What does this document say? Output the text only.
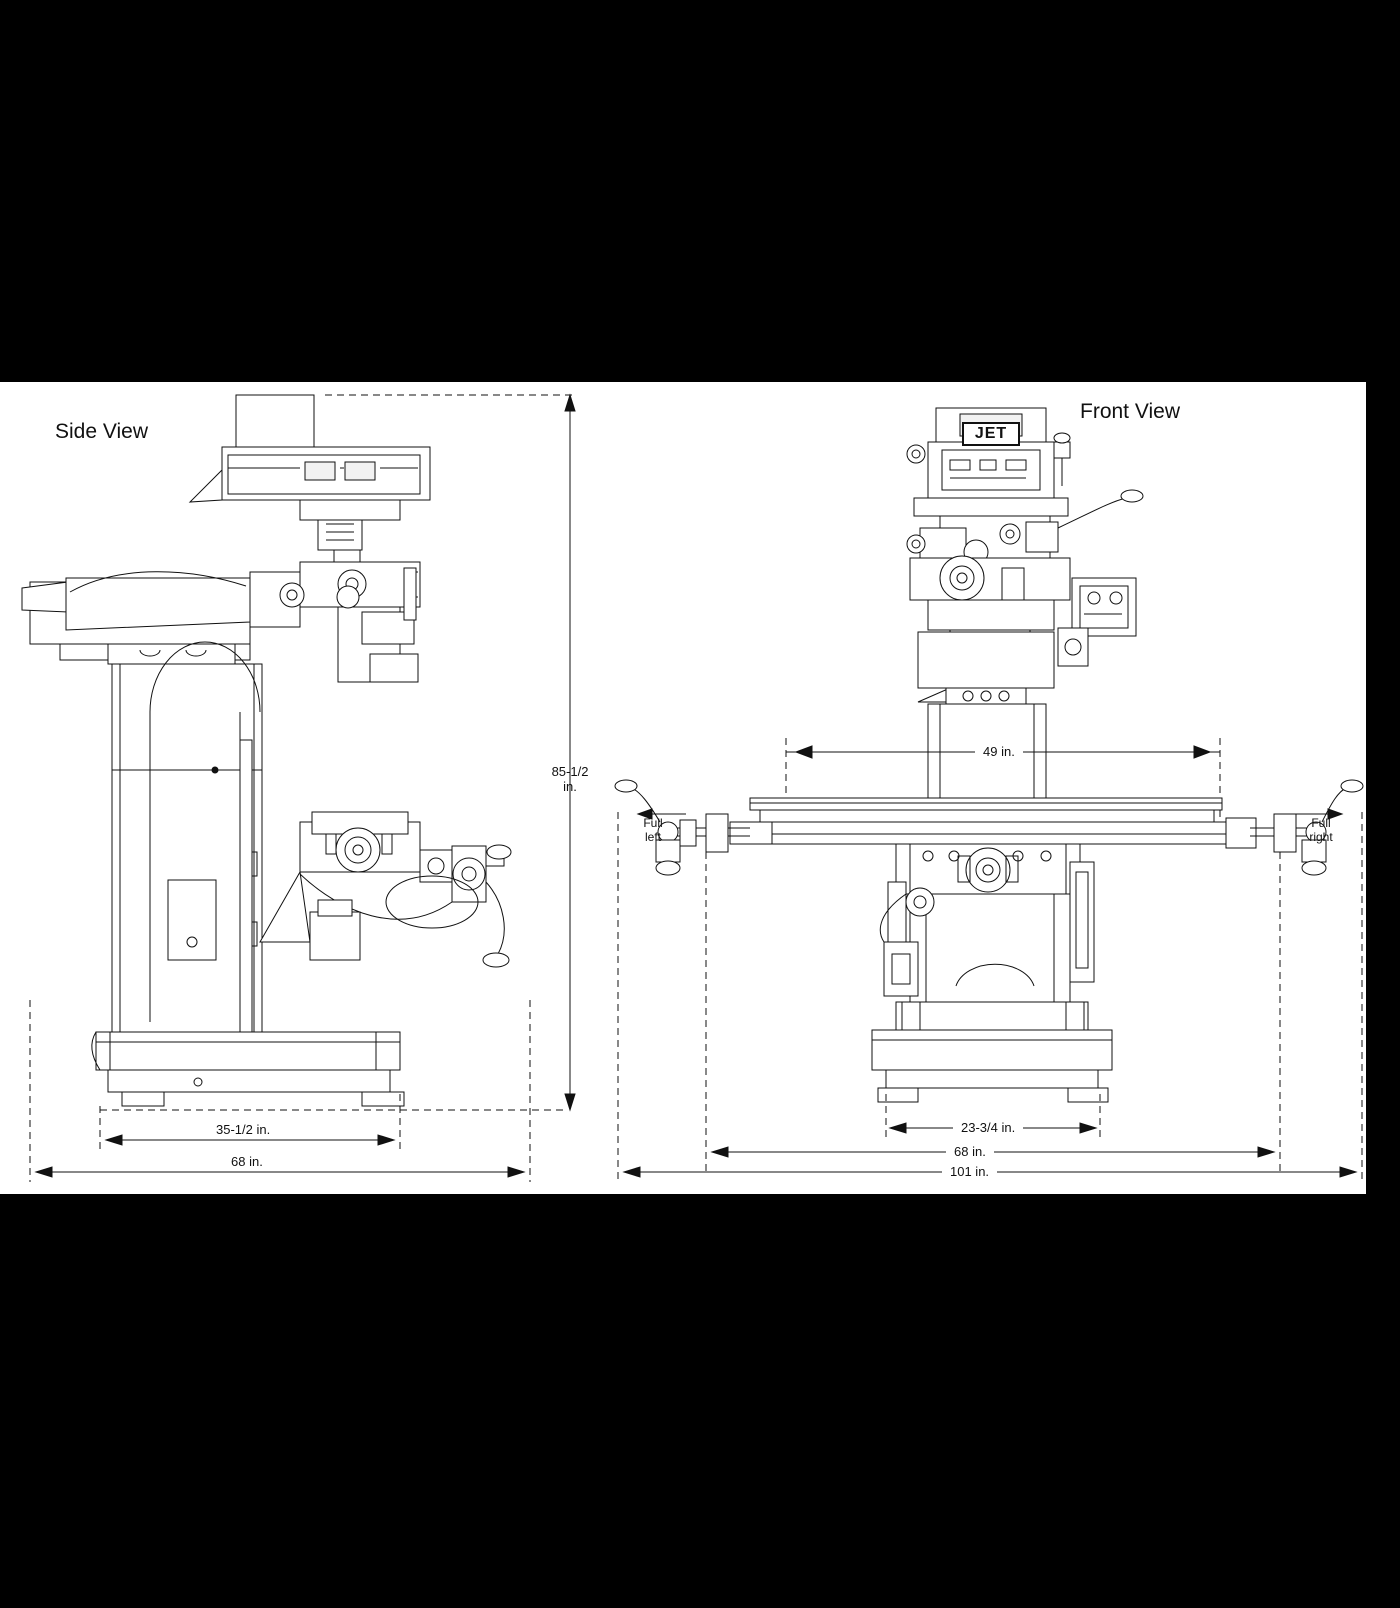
Side View
85-1/2
in.
35-1/2 in.
68 in.
Front View
JET
49 in.
23-3/4 in.
68 in.
101 in.
Full
left
Full
right
